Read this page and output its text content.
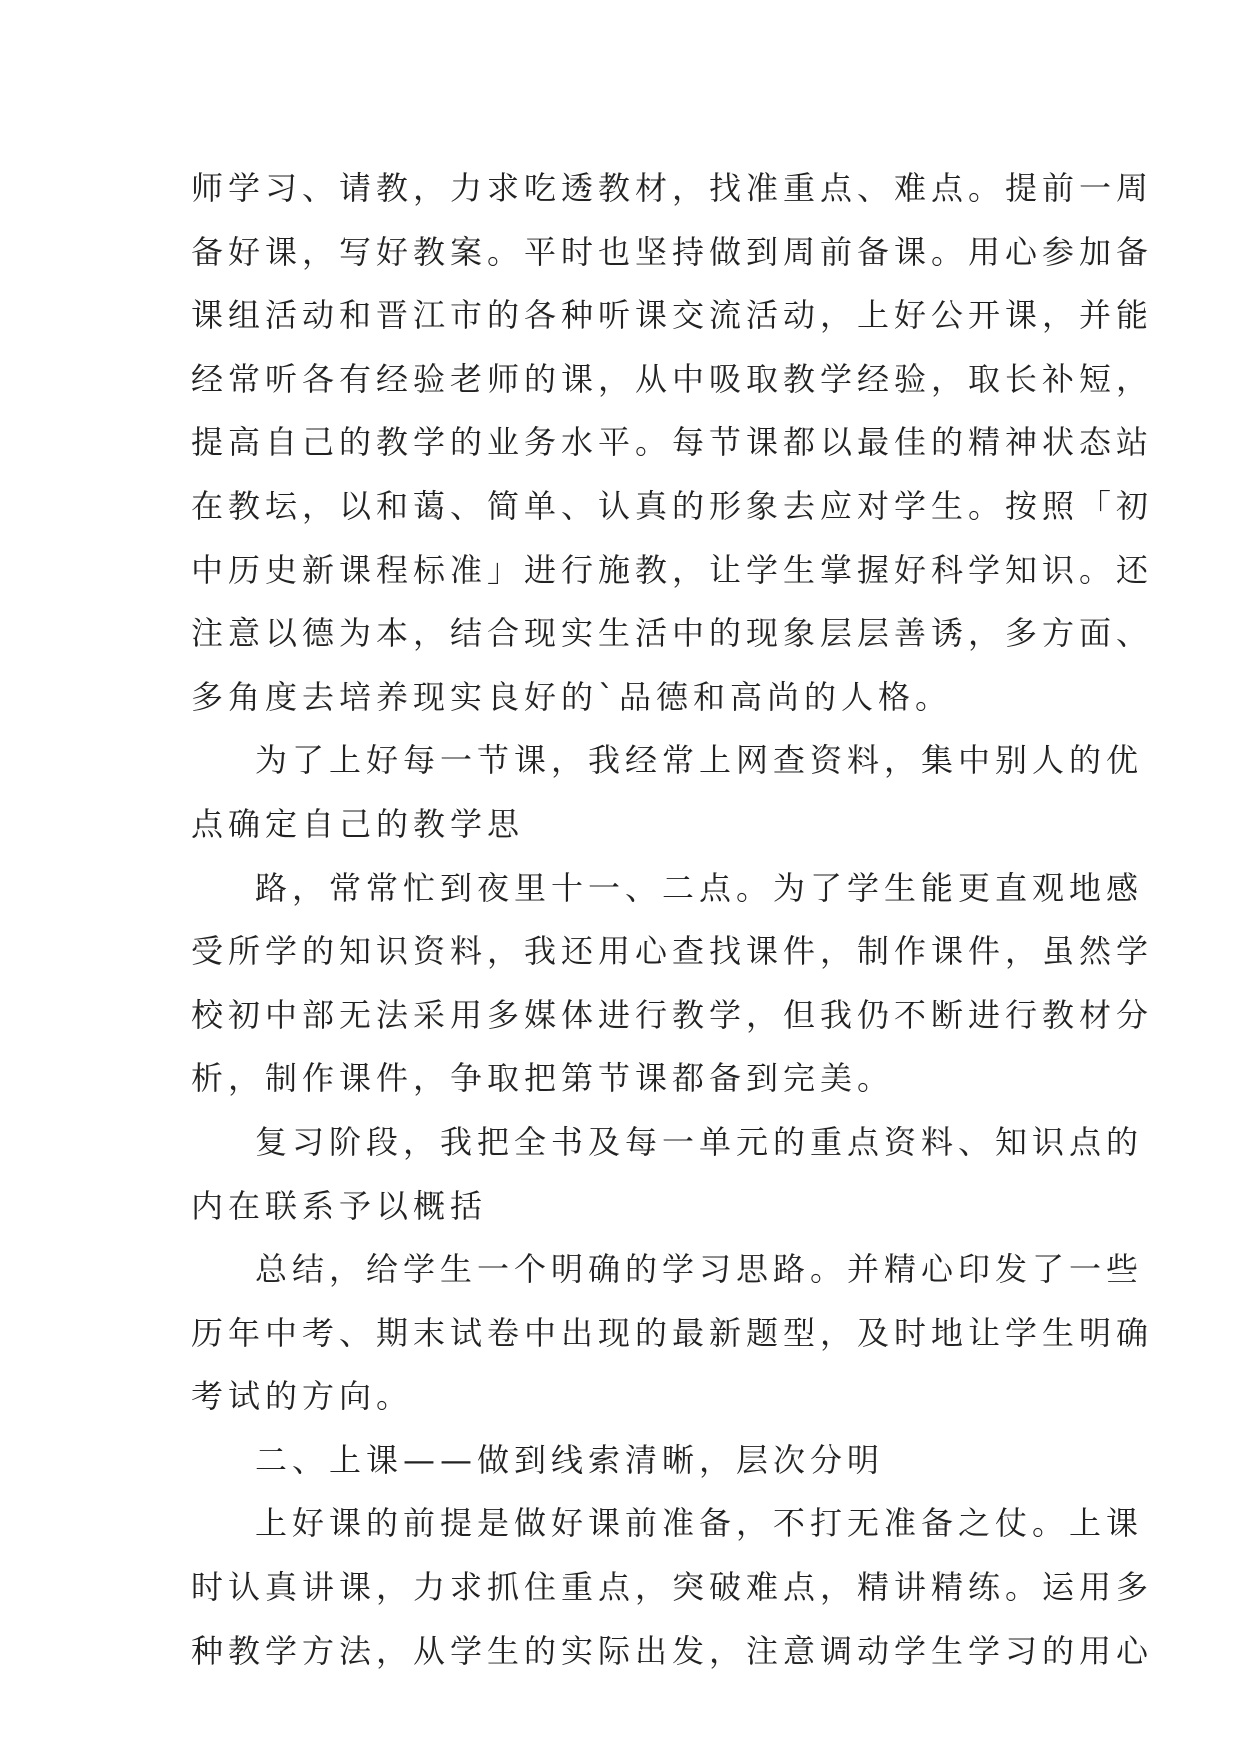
师学习、请教，力求吃透教材，找准重点、难点。提前一周
备好课，写好教案。平时也坚持做到周前备课。用心参加备
课组活动和晋江市的各种听课交流活动，上好公开课，并能
经常听各有经验老师的课，从中吸取教学经验，取长补短，
提高自己的教学的业务水平。每节课都以最佳的精神状态站
在教坛，以和蔼、简单、认真的形象去应对学生。按照「初
中历史新课程标准」进行施教，让学生掌握好科学知识。还
注意以德为本，结合现实生活中的现象层层善诱，多方面、
多角度去培养现实良好的`品德和高尚的人格。
为了上好每一节课，我经常上网查资料，集中别人的优
点确定自己的教学思
路，常常忙到夜里十一、二点。为了学生能更直观地感
受所学的知识资料，我还用心查找课件，制作课件，虽然学
校初中部无法采用多媒体进行教学，但我仍不断进行教材分
析，制作课件，争取把第节课都备到完美。
复习阶段，我把全书及每一单元的重点资料、知识点的
内在联系予以概括
总结，给学生一个明确的学习思路。并精心印发了一些
历年中考、期末试卷中出现的最新题型，及时地让学生明确
考试的方向。
二、上课——做到线索清晰，层次分明
上好课的前提是做好课前准备，不打无准备之仗。上课
时认真讲课，力求抓住重点，突破难点，精讲精练。运用多
种教学方法，从学生的实际出发，注意调动学生学习的用心
